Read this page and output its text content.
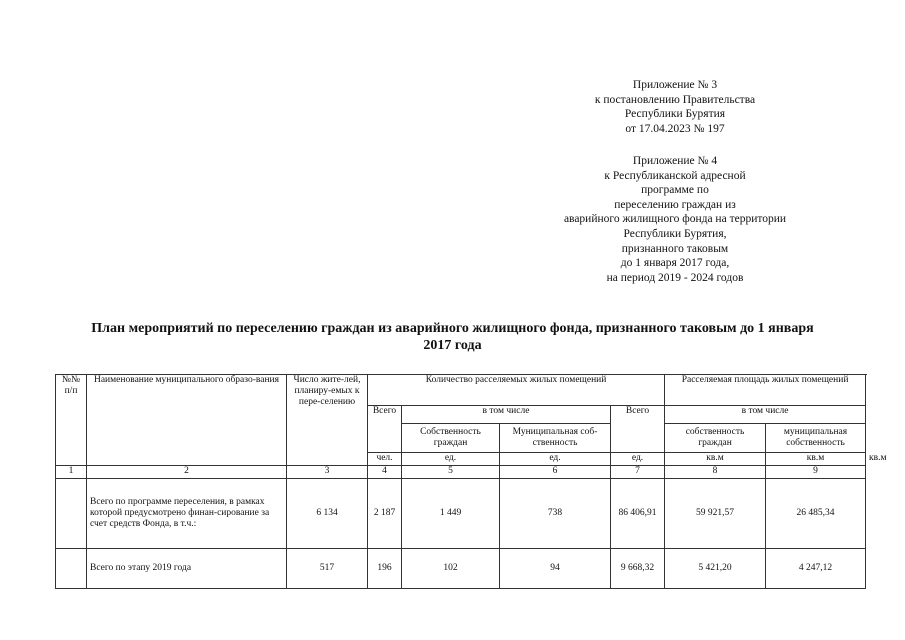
Приложение № 3
к постановлению Правительства
Республики Бурятия
от 17.04.2023 № 197
Приложение № 4
к Республиканской адресной
программе по
переселению граждан из
аварийного жилищного фонда на территории
Республики Бурятия,
признанного таковым
до 1 января 2017 года,
на период 2019 - 2024 годов
План мероприятий по переселению граждан из аварийного жилищного фонда, признанного таковым до 1 января
2017 года
№№ п/п	Наименование муниципального образо-вания	Число жите-лей, планиру-емых к пере-селению	Количество расселяемых жилых помещений				Расселяемая площадь жилых помещений		
			Всего	в том числе		Всего	в том числе		
				Собственность граждан	Муниципальная соб-ственность		собственность граждан	муниципальная собственность	
			чел.	ед.	ед.	ед.	кв.м	кв.м	кв.м
1	2	3	4	5	6	7	8	9	
	Всего по программе переселения, в рамках которой предусмотрено финан-сирование за счет средств Фонда, в т.ч.:	6 134	2 187	1 449	738	86 406,91	59 921,57	26 485,34	
	Всего по этапу 2019 года	517	196	102	94	9 668,32	5 421,20	4 247,12	
